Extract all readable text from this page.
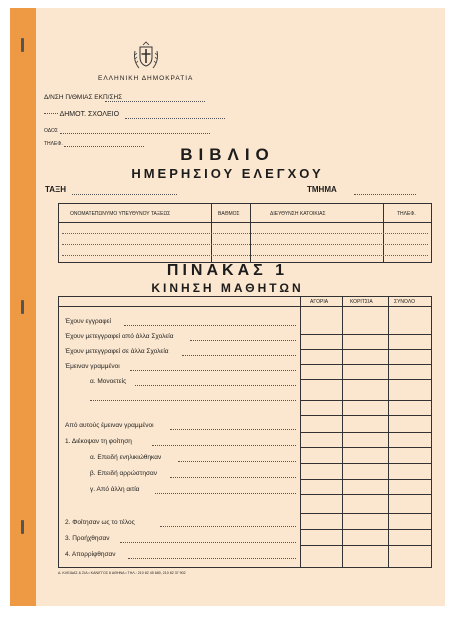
ΕΛΛΗΝΙΚΗ ΔΗΜΟΚΡΑΤΙΑ
Δ/ΝΣΗ Π/ΘΜΙΑΣ ΕΚΠ/ΣΗΣ
ΔΗΜΟΤ. ΣΧΟΛΕΙΟ
ΟΔΟΣ
ΤΗΛΕΦ.
ΒΙΒΛΙΟ
ΗΜΕΡΗΣΙΟΥ ΕΛΕΓΧΟΥ
ΤΑΞΗ	ΤΜΗΜΑ
ΟΝΟΜΑΤΕΠΩΝΥΜΟ ΥΠΕΥΘΥΝΟΥ ΤΑΞΕΩΣ	ΒΑΘΜΟΣ	ΔΙΕΥΘΥΝΣΗ ΚΑΤΟΙΚΙΑΣ	ΤΗΛΕΦ.
ΠΙΝΑΚΑΣ 1
ΚΙΝΗΣΗ ΜΑΘΗΤΩΝ
ΑΓΟΡΙΑ	ΚΟΡΙΤΣΙΑ	ΣΥΝΟΛΟ
Έχουν εγγραφεί
Έχουν μετεγγραφεί από άλλα Σχολεία
Έχουν μετεγγραφεί σε άλλα Σχολεία
Έμειναν γραμμένοι
α. Μονοετείς
Από αυτούς έμειναν γραμμένοι
1. Διέκοψαν τη φοίτηση
α. Επειδή ενηλικιώθηκαν
β. Επειδή αρρώστησαν
γ. Από άλλη αιτία
2. Φοίτησαν ως το τέλος
3. Προήχθησαν
4. Απορρίφθησαν
Δ. ΚΛΕΙΔΑΣ & ΣΙΑ • ΚΑΝΙΓΓΟΣ 6 ΑΘΗΝΑ • ΤΗΛ.: 210 82 45 680, 210 82 37 902
